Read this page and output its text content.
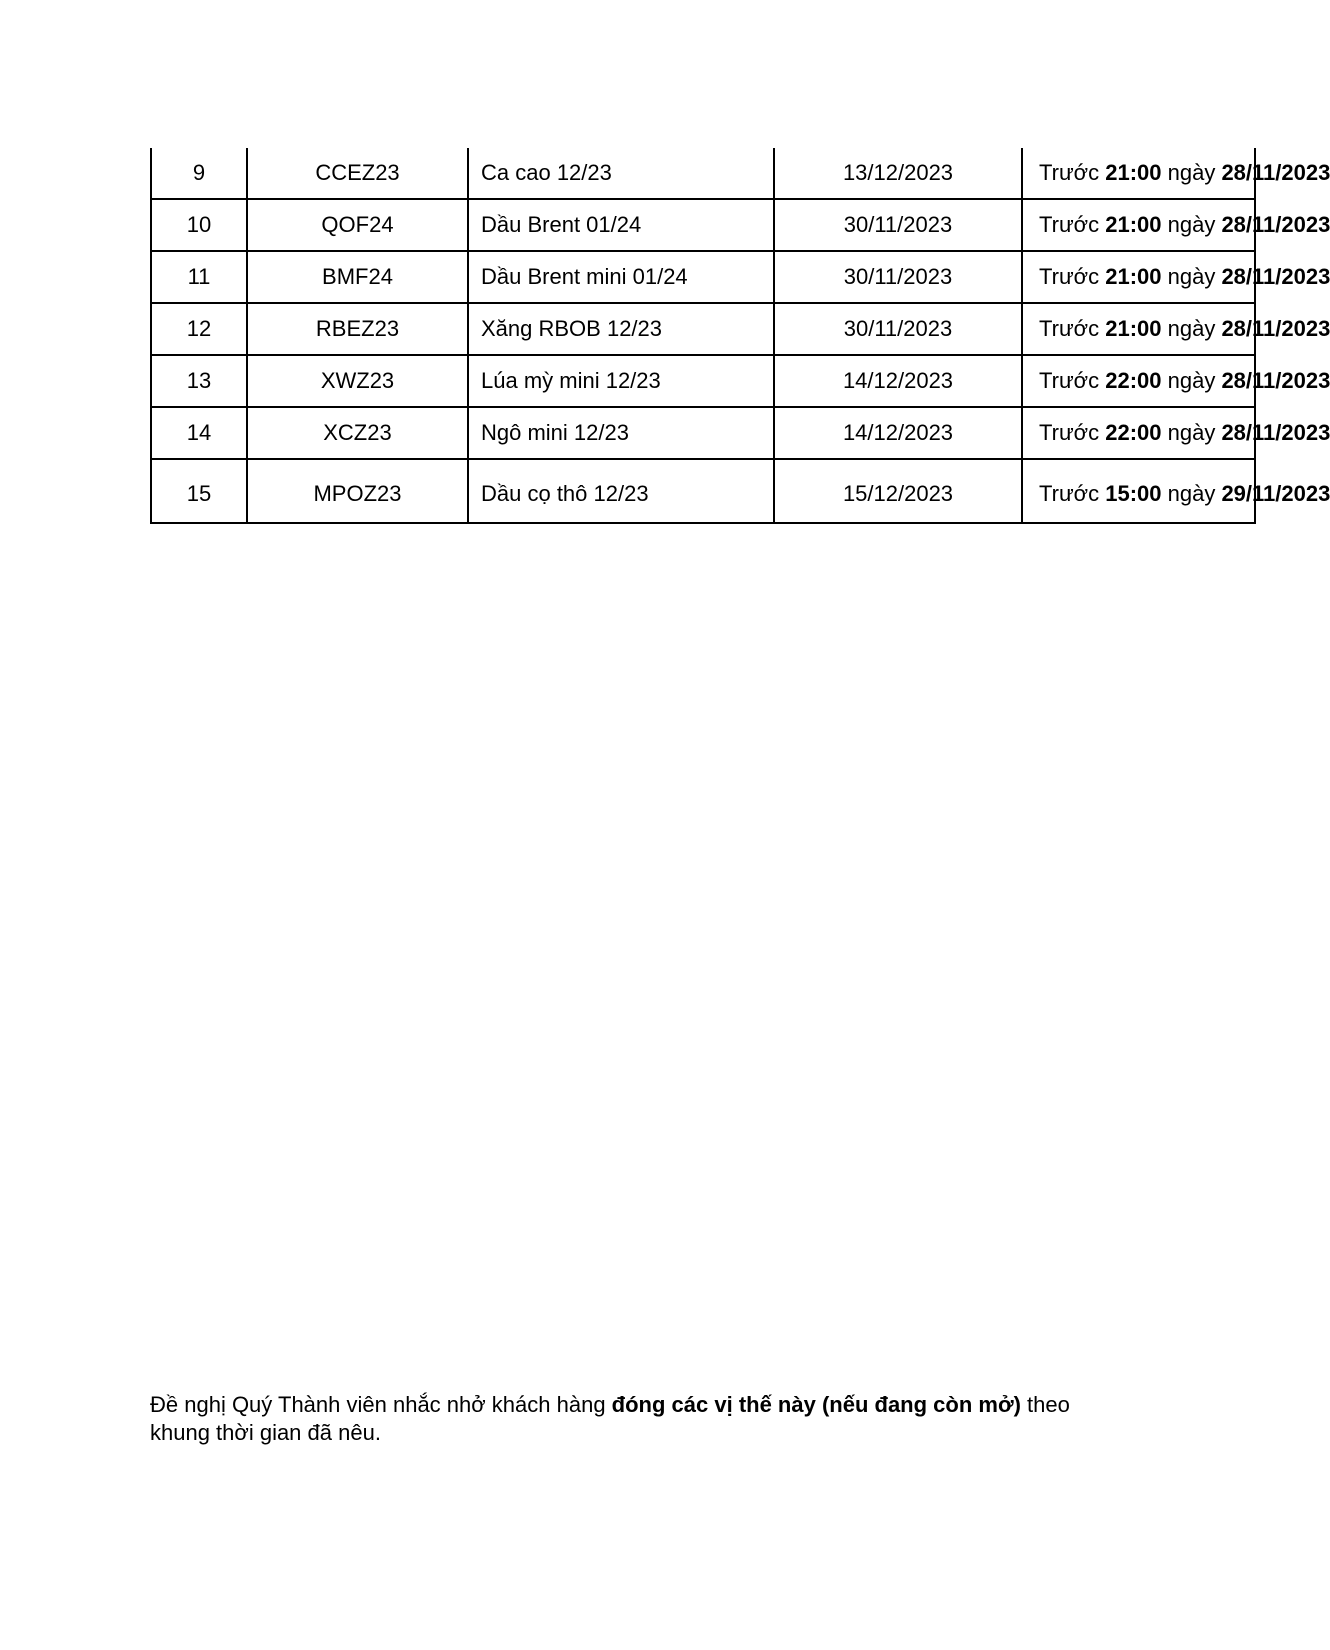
9	CCEZ23	Ca cao 12/23	13/12/2023	Trước 21:00 ngày 28/11/2023
10	QOF24	Dầu Brent 01/24	30/11/2023	Trước 21:00 ngày 28/11/2023
11	BMF24	Dầu Brent mini 01/24	30/11/2023	Trước 21:00 ngày 28/11/2023
12	RBEZ23	Xăng RBOB 12/23	30/11/2023	Trước 21:00 ngày 28/11/2023
13	XWZ23	Lúa mỳ mini 12/23	14/12/2023	Trước 22:00 ngày 28/11/2023
14	XCZ23	Ngô mini 12/23	14/12/2023	Trước 22:00 ngày 28/11/2023
15	MPOZ23	Dầu cọ thô 12/23	15/12/2023	Trước 15:00 ngày 29/11/2023

Đề nghị Quý Thành viên nhắc nhở khách hàng đóng các vị thế này (nếu đang còn mở) theo khung thời gian đã nêu.
